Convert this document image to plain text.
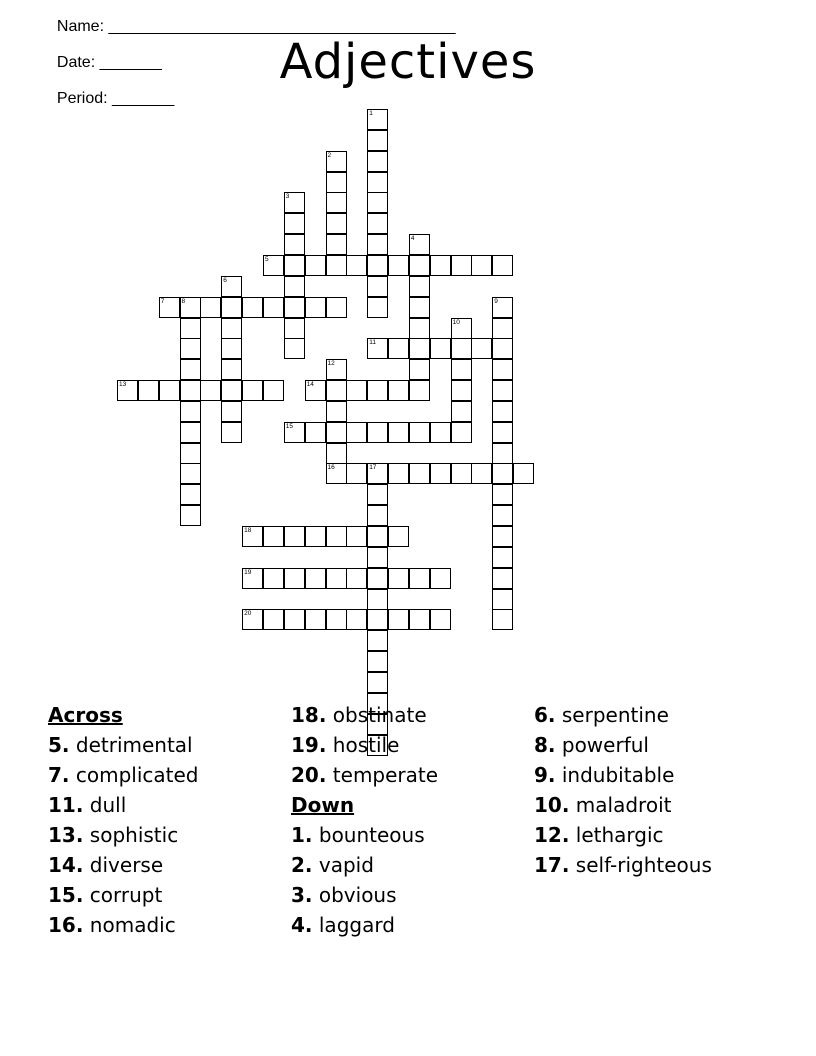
Name: _______________________________________

Date: _______

Period: _______

Adjectives
5
7	8
11
13	14
15
16	17
18
19
20
1
2
3
4
6
9
10
12
Across
5. detrimental
7. complicated
11. dull
13. sophistic
14. diverse
15. corrupt
16. nomadic
18. obstinate
19. hostile
20. temperate
Down
1. bounteous
2. vapid
3. obvious
4. laggard
6. serpentine
8. powerful
9. indubitable
10. maladroit
12. lethargic
17. self-righteous
